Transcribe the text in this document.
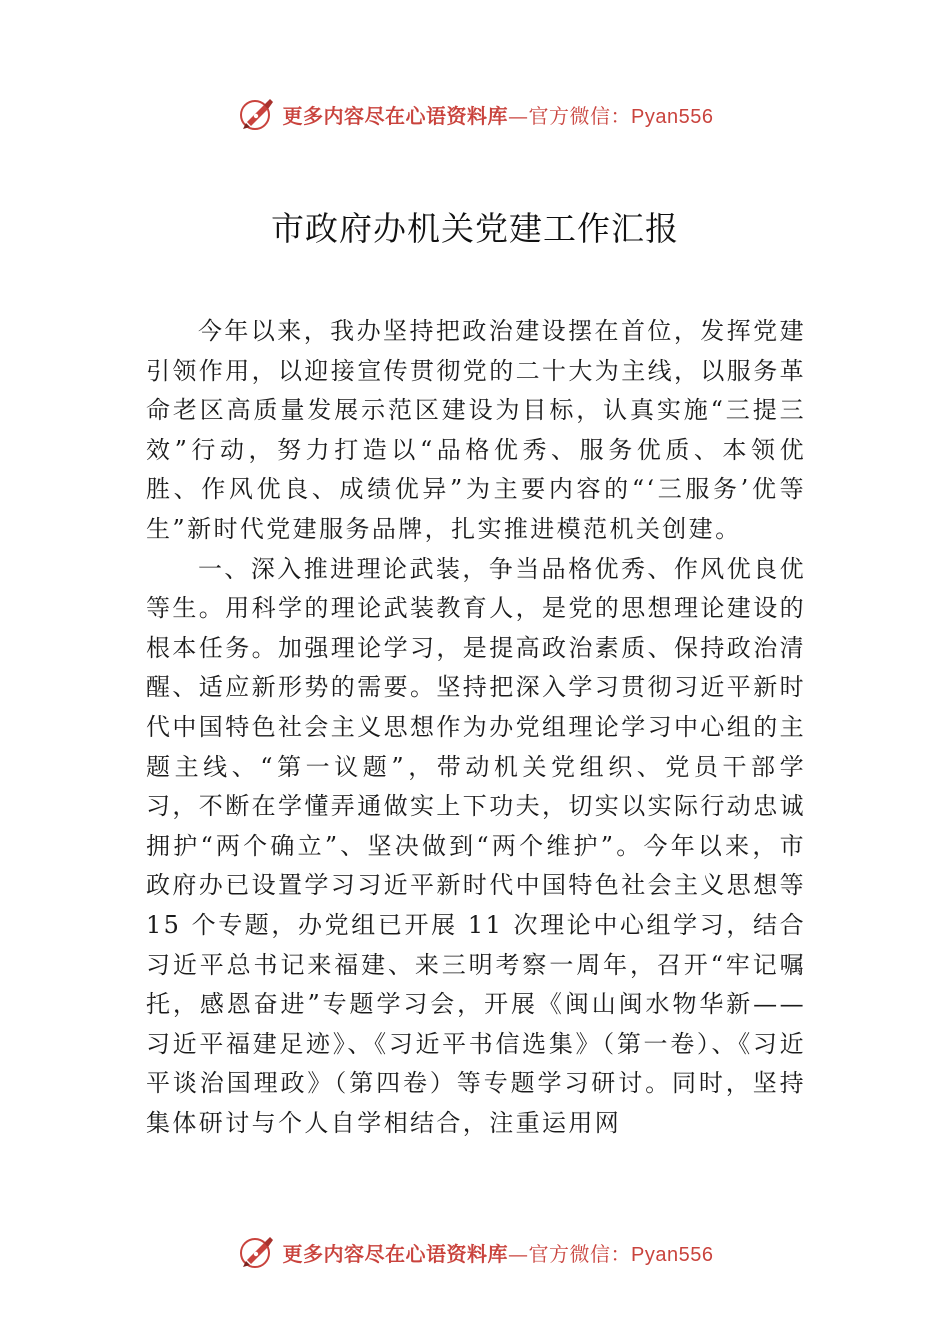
更多内容尽在心语资料库—官方微信：Pyan556
市政府办机关党建工作汇报

今年以来，我办坚持把政治建设摆在首位，发挥党建引领作用，以迎接宣传贯彻党的二十大为主线，以服务革命老区高质量发展示范区建设为目标，认真实施“三提三效”行动，努力打造以“品格优秀、服务优质、本领优胜、作风优良、成绩优异”为主要内容的“‘三服务’优等生”新时代党建服务品牌，扎实推进模范机关创建。

一、深入推进理论武装，争当品格优秀、作风优良优等生。用科学的理论武装教育人，是党的思想理论建设的根本任务。加强理论学习，是提高政治素质、保持政治清醒、适应新形势的需要。坚持把深入学习贯彻习近平新时代中国特色社会主义思想作为办党组理论学习中心组的主题主线、“第一议题”，带动机关党组织、党员干部学习，不断在学懂弄通做实上下功夫，切实以实际行动忠诚拥护“两个确立”、坚决做到“两个维护”。今年以来，市政府办已设置学习习近平新时代中国特色社会主义思想等 15 个专题，办党组已开展 11 次理论中心组学习，结合习近平总书记来福建、来三明考察一周年，召开“牢记嘱托，感恩奋进”专题学习会，开展《闽山闽水物华新——习近平福建足迹》、《习近平书信选集》（第一卷）、《习近平谈治国理政》（第四卷）等专题学习研讨。同时，坚持集体研讨与个人自学相结合，注重运用网

更多内容尽在心语资料库—官方微信：Pyan556
